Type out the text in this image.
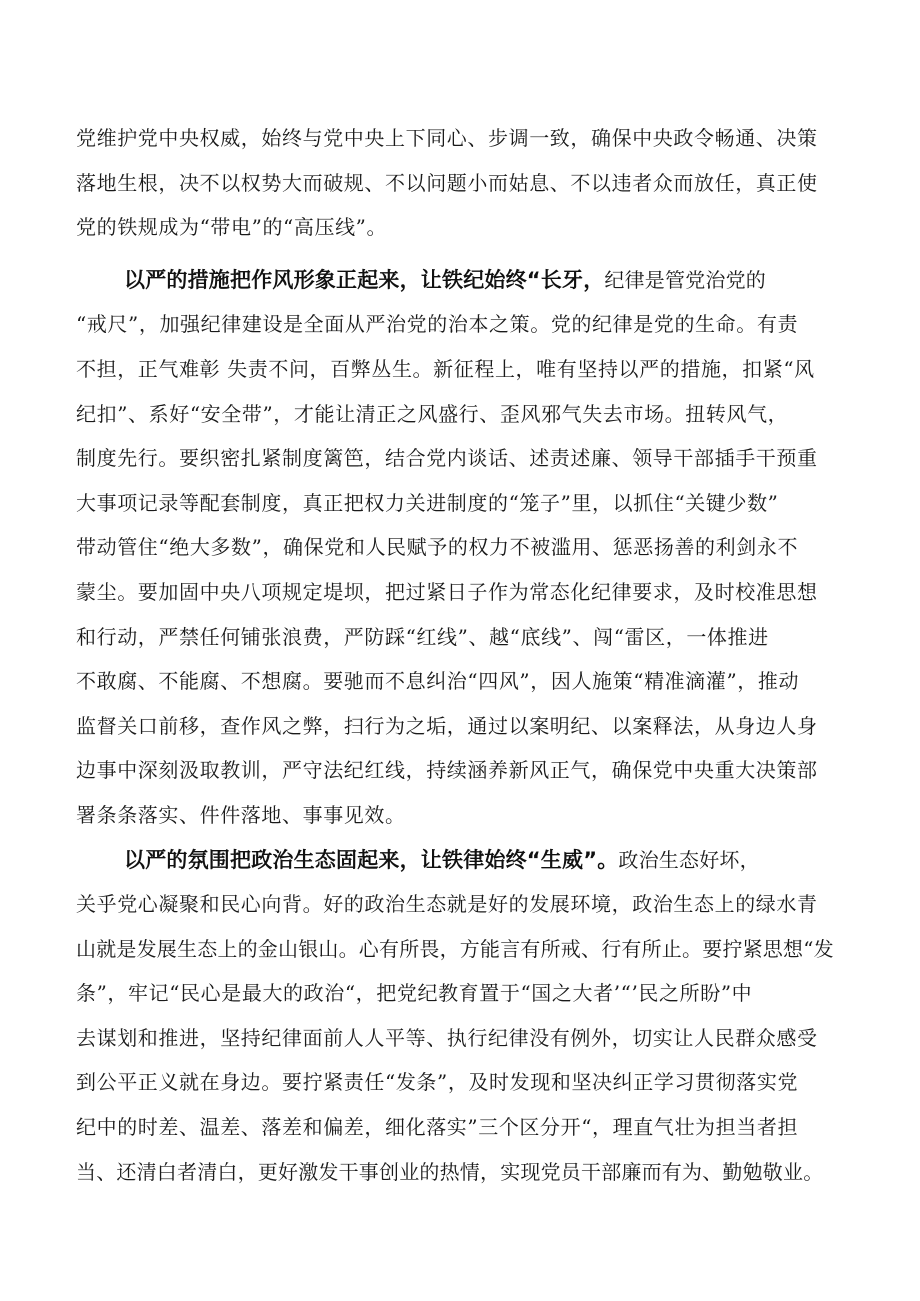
党维护党中央权威，始终与党中央上下同心、步调一致，确保中央政令畅通、决策
落地生根，决不以权势大而破规、不以问题小而姑息、不以违者众而放任，真正使
党的铁规成为“带电”的“高压线”。
以严的措施把作风形象正起来，让铁纪始终“长牙，纪律是管党治党的
“戒尺”，加强纪律建设是全面从严治党的治本之策。党的纪律是党的生命。有责
不担，正气难彰 失责不问，百弊丛生。新征程上，唯有坚持以严的措施，扣紧“风
纪扣”、系好“安全带”，才能让清正之风盛行、歪风邪气失去市场。扭转风气，
制度先行。要织密扎紧制度篱笆，结合党内谈话、述责述廉、领导干部插手干预重
大事项记录等配套制度，真正把权力关进制度的“笼子”里，以抓住“关键少数”
带动管住“绝大多数”，确保党和人民赋予的权力不被滥用、惩恶扬善的利剑永不
蒙尘。要加固中央八项规定堤坝，把过紧日子作为常态化纪律要求，及时校准思想
和行动，严禁任何铺张浪费，严防踩“红线”、越“底线”、闯“雷区，一体推进
不敢腐、不能腐、不想腐。要驰而不息纠治“四风”，因人施策“精准滴灌”，推动
监督关口前移，查作风之弊，扫行为之垢，通过以案明纪、以案释法，从身边人身
边事中深刻汲取教训，严守法纪红线，持续涵养新风正气，确保党中央重大决策部
署条条落实、件件落地、事事见效。
以严的氛围把政治生态固起来，让铁律始终“生威”。政治生态好坏，
关乎党心凝聚和民心向背。好的政治生态就是好的发展环境，政治生态上的绿水青
山就是发展生态上的金山银山。心有所畏，方能言有所戒、行有所止。要拧紧思想“发
条”，牢记“民心是最大的政治“，把党纪教育置于“国之大者’“’民之所盼”中
去谋划和推进，坚持纪律面前人人平等、执行纪律没有例外，切实让人民群众感受
到公平正义就在身边。要拧紧责任“发条”，及时发现和坚决纠正学习贯彻落实党
纪中的时差、温差、落差和偏差，细化落实”三个区分开“，理直气壮为担当者担
当、还清白者清白，更好激发干事创业的热情，实现党员干部廉而有为、勤勉敬业。
